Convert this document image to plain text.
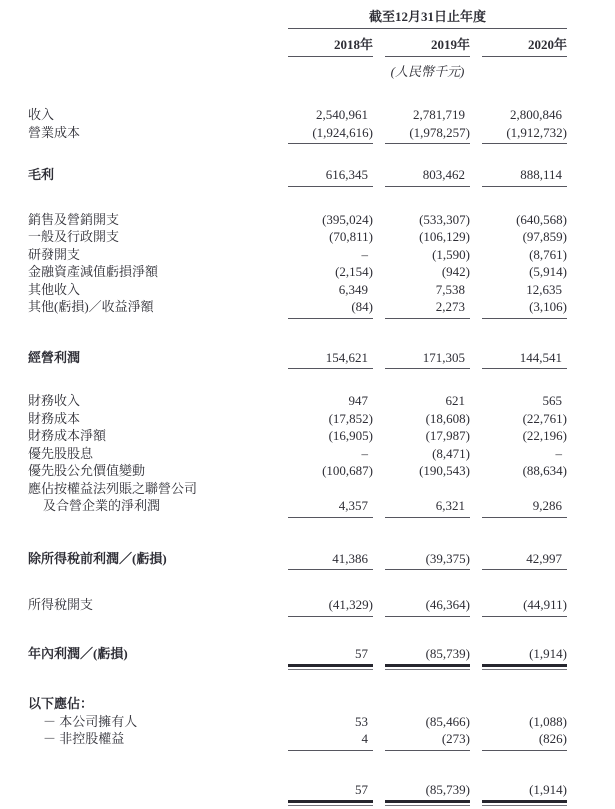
截至12月31日止年度
2018年	2019年	2020年
(人民幣千元)
收入	2,540,961	2,781,719	2,800,846
營業成本	(1,924,616)	(1,978,257)	(1,912,732)
毛利	616,345	803,462	888,114
銷售及營銷開支	(395,024)	(533,307)	(640,568)
一般及行政開支	(70,811)	(106,129)	(97,859)
研發開支	–	(1,590)	(8,761)
金融資產減值虧損淨額	(2,154)	(942)	(5,914)
其他收入	6,349	7,538	12,635
其他(虧損)／收益淨額	(84)	2,273	(3,106)
經營利潤	154,621	171,305	144,541
財務收入	947	621	565
財務成本	(17,852)	(18,608)	(22,761)
財務成本淨額	(16,905)	(17,987)	(22,196)
優先股股息	–	(8,471)	–
優先股公允價值變動	(100,687)	(190,543)	(88,634)
應佔按權益法列賬之聯營公司
及合營企業的淨利潤	4,357	6,321	9,286
除所得稅前利潤／(虧損)	41,386	(39,375)	42,997
所得稅開支	(41,329)	(46,364)	(44,911)
年內利潤／(虧損)	57	(85,739)	(1,914)
以下應佔：
－ 本公司擁有人	53	(85,466)	(1,088)
－ 非控股權益	4	(273)	(826)
57	(85,739)	(1,914)
